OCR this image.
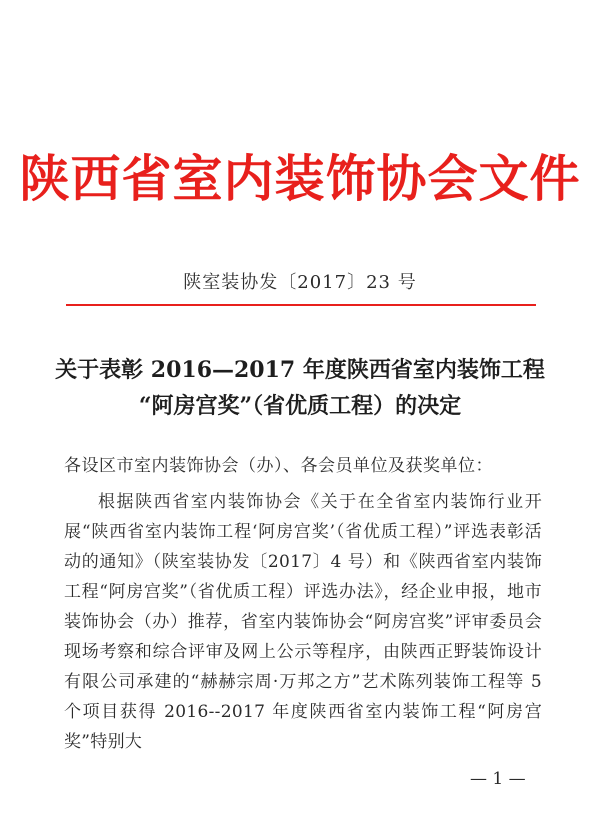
陕西省室内装饰协会文件
陕室装协发〔2017〕23 号
关于表彰 2016—2017 年度陕西省室内装饰工程
“阿房宫奖”（省优质工程）的决定
各设区市室内装饰协会（办）、各会员单位及获奖单位：

根据陕西省室内装饰协会《关于在全省室内装饰行业开展“陕西省室内装饰工程‘阿房宫奖’（省优质工程）”评选表彰活动的通知》（陕室装协发〔2017〕4 号）和《陕西省室内装饰工程“阿房宫奖”（省优质工程）评选办法》，经企业申报，地市装饰协会（办）推荐，省室内装饰协会“阿房宫奖”评审委员会现场考察和综合评审及网上公示等程序，由陕西正野装饰设计有限公司承建的“赫赫宗周·万邦之方”艺术陈列装饰工程等 5 个项目获得 2016--2017 年度陕西省室内装饰工程“阿房宫奖”特别大

— 1 —
